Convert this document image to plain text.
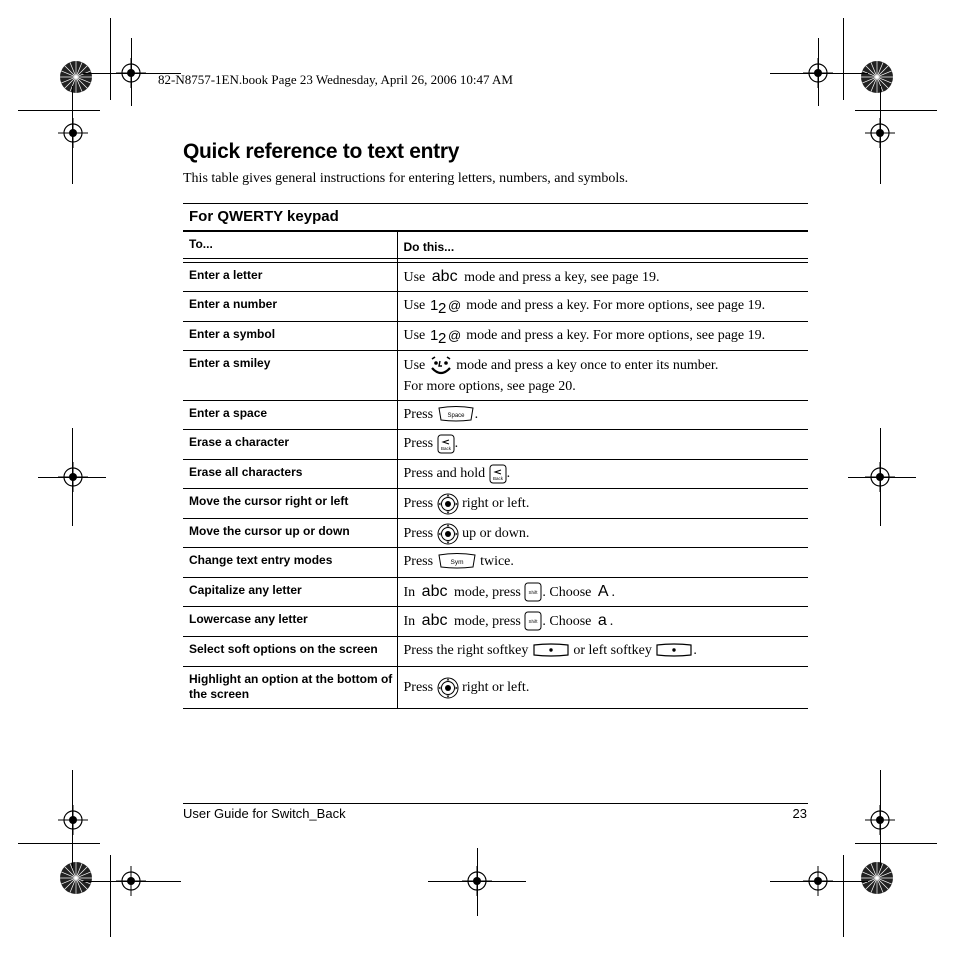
82-N8757-1EN.book Page 23 Wednesday, April 26, 2006 10:47 AM
Quick reference to text entry
This table gives general instructions for entering letters, numbers, and symbols.
For QWERTY keypad
To...	Do this...

Enter a letter	Use abc mode and press a key, see page 19.
Enter a number	Use 1 2 @ mode and press a key. For more options, see page 19.
Enter a symbol	Use 1 2 @ mode and press a key. For more options, see page 19.
Enter a smiley	Use mode and press a key once to enter its number.
For more options, see page 20.
Enter a space	Press Space .
Erase a character	Press Back .
Erase all characters	Press and hold Back .
Move the cursor right or left	Press right or left.
Move the cursor up or down	Press up or down.
Change text entry modes	Press Sym twice.
Capitalize any letter	In abc mode, press Shift . Choose A .
Lowercase any letter	In abc mode, press Shift . Choose a .
Select soft options on the screen	Press the right softkey or left softkey .
Highlight an option at the bottom of the screen	Press right or left.
User Guide for Switch_Back	23
